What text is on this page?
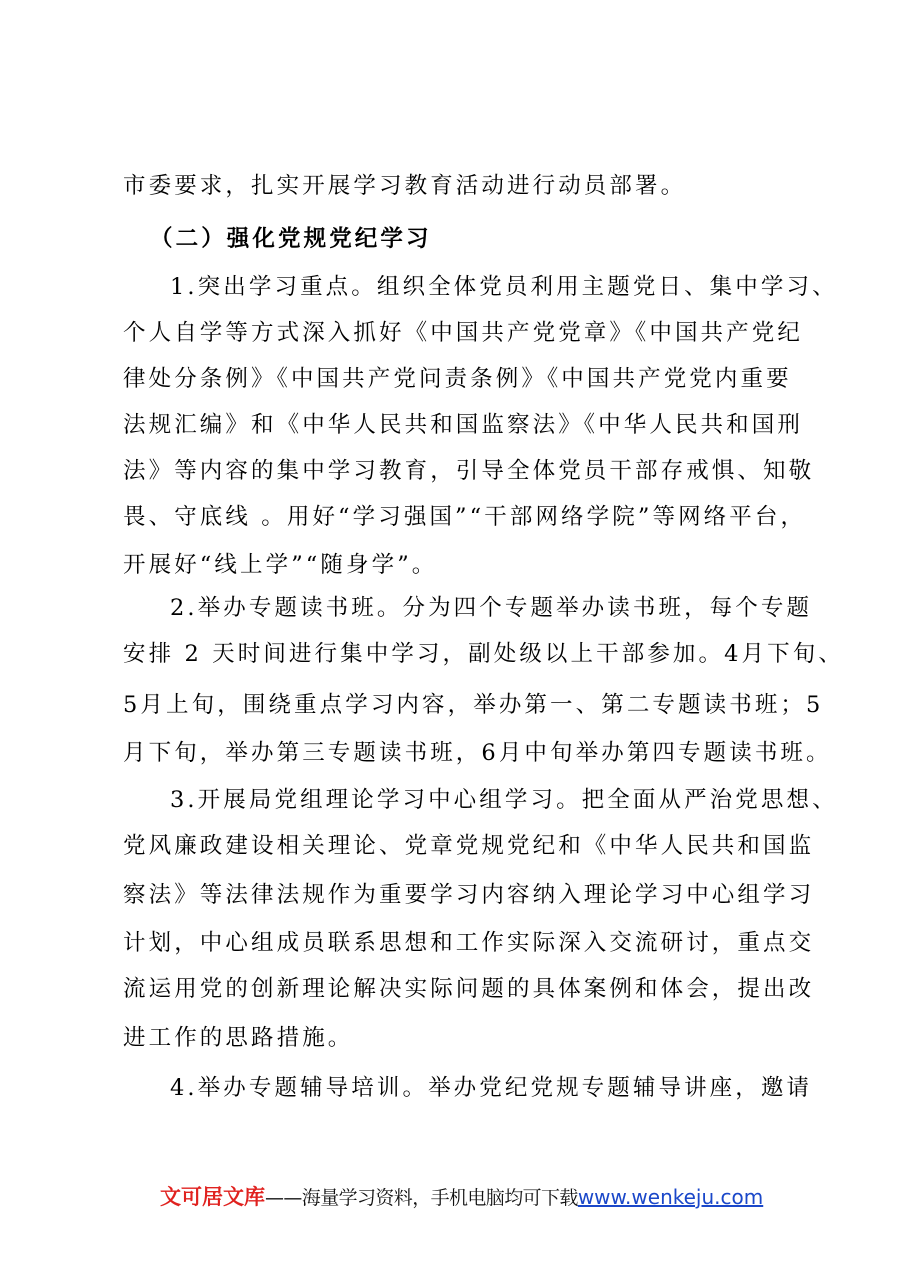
市委要求，扎实开展学习教育活动进行动员部署。
（二）强化党规党纪学习
1.突出学习重点。组织全体党员利用主题党日、集中学习、
个人自学等方式深入抓好《中国共产党党章》《中国共产党纪
律处分条例》《中国共产党问责条例》《中国共产党党内重要
法规汇编》和《中华人民共和国监察法》《中华人民共和国刑
法》等内容的集中学习教育，引导全体党员干部存戒惧、知敬
畏、守底线 。用好“学习强国”“干部网络学院”等网络平台，
开展好“线上学”“随身学”。
2.举办专题读书班。分为四个专题举办读书班，每个专题
安排 2 天时间进行集中学习，副处级以上干部参加。4月下旬、
5月上旬，围绕重点学习内容，举办第一、第二专题读书班；5
月下旬，举办第三专题读书班，6月中旬举办第四专题读书班。
3.开展局党组理论学习中心组学习。把全面从严治党思想、
党风廉政建设相关理论、党章党规党纪和《中华人民共和国监
察法》等法律法规作为重要学习内容纳入理论学习中心组学习
计划，中心组成员联系思想和工作实际深入交流研讨，重点交
流运用党的创新理论解决实际问题的具体案例和体会，提出改
进工作的思路措施。
4.举办专题辅导培训。举办党纪党规专题辅导讲座，邀请
文可居文库——海量学习资料，手机电脑均可下载www.wenkeju.com
